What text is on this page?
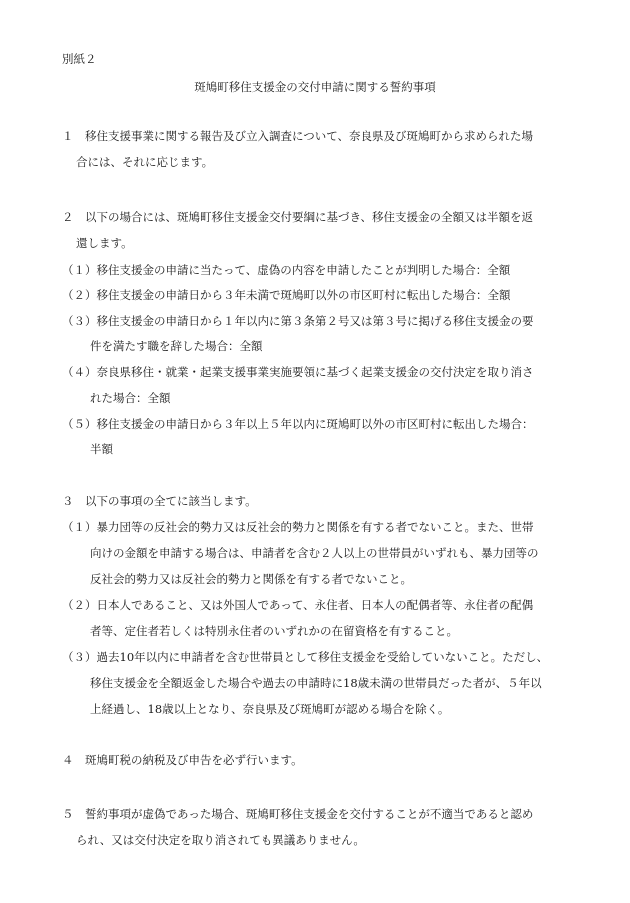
別紙２
斑鳩町移住支援金の交付申請に関する誓約事項
１　移住支援事業に関する報告及び立入調査について、奈良県及び斑鳩町から求められた場
合には、それに応じます。
２　以下の場合には、斑鳩町移住支援金交付要綱に基づき、移住支援金の全額又は半額を返
還します。
（１）移住支援金の申請に当たって、虚偽の内容を申請したことが判明した場合：全額
（２）移住支援金の申請日から３年未満で斑鳩町以外の市区町村に転出した場合：全額
（３）移住支援金の申請日から１年以内に第３条第２号又は第３号に掲げる移住支援金の要
件を満たす職を辞した場合：全額
（４）奈良県移住・就業・起業支援事業実施要領に基づく起業支援金の交付決定を取り消さ
れた場合：全額
（５）移住支援金の申請日から３年以上５年以内に斑鳩町以外の市区町村に転出した場合：
半額
３　以下の事項の全てに該当します。
（１）暴力団等の反社会的勢力又は反社会的勢力と関係を有する者でないこと。また、世帯
向けの金額を申請する場合は、申請者を含む２人以上の世帯員がいずれも、暴力団等の
反社会的勢力又は反社会的勢力と関係を有する者でないこと。
（２）日本人であること、又は外国人であって、永住者、日本人の配偶者等、永住者の配偶
者等、定住者若しくは特別永住者のいずれかの在留資格を有すること。
（３）過去10年以内に申請者を含む世帯員として移住支援金を受給していないこと。ただし、
移住支援金を全額返金した場合や過去の申請時に18歳未満の世帯員だった者が、５年以
上経過し、18歳以上となり、奈良県及び斑鳩町が認める場合を除く。
４　斑鳩町税の納税及び申告を必ず行います。
５　誓約事項が虚偽であった場合、斑鳩町移住支援金を交付することが不適当であると認め
られ、又は交付決定を取り消されても異議ありません。
